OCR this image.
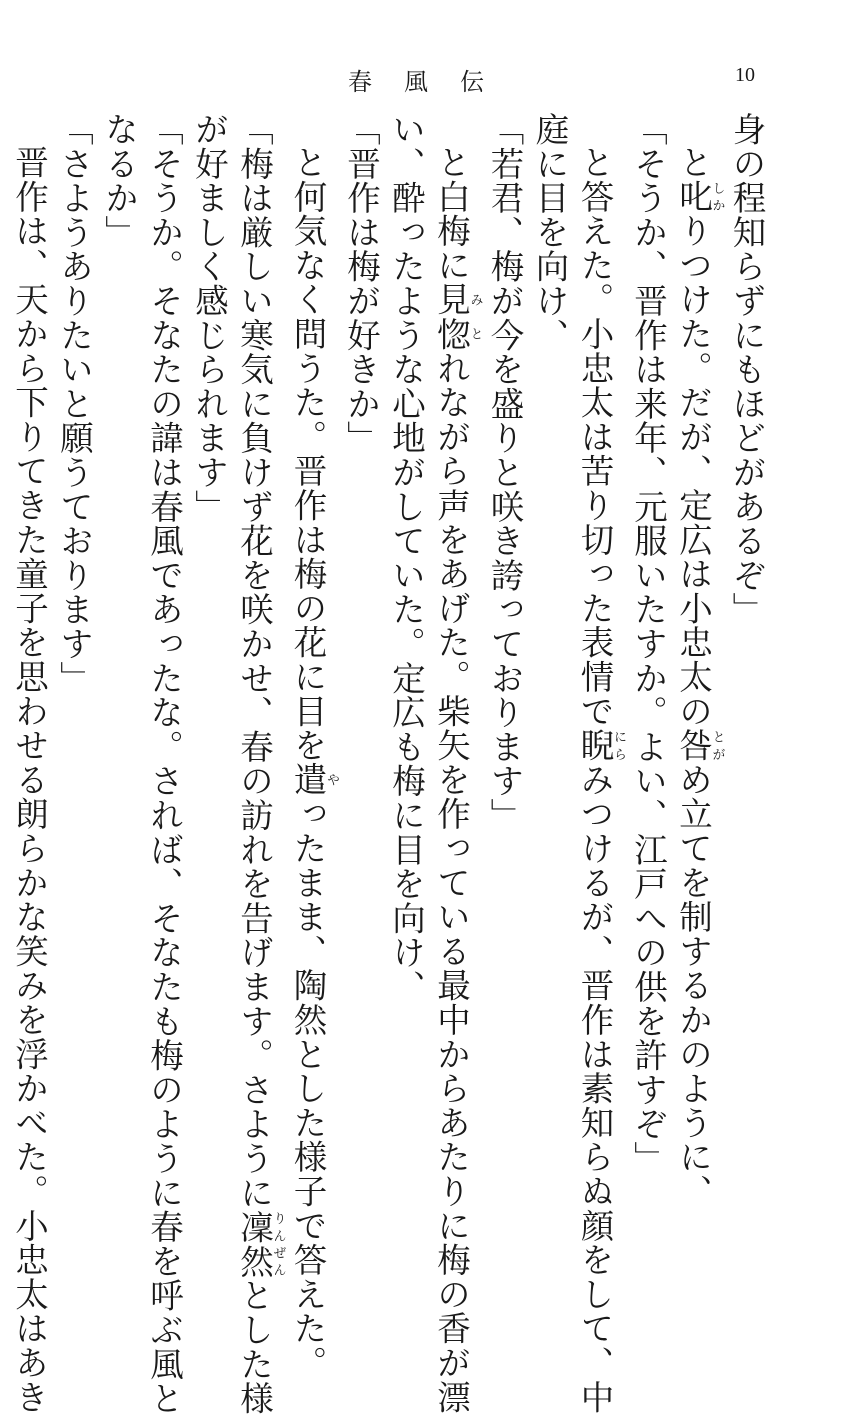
春風伝	10
身の程知らずにもほどがあるぞ」
と叱しかりつけた。だが、定広は小忠太の咎とがめ立てを制するかのように、
「そうか、晋作は来年、元服いたすか。よい、江戸への供を許すぞ」
と答えた。小忠太は苦り切った表情で睨にらみつけるが、晋作は素知らぬ顔をして、中
庭に目を向け、
「若君、梅が今を盛りと咲き誇っております」
と白梅に見み惚とれながら声をあげた。柴矢を作っている最中からあたりに梅の香が漂
い、酔ったような心地がしていた。定広も梅に目を向け、
「晋作は梅が好きか」
と何気なく問うた。晋作は梅の花に目を遣やったまま、陶然とした様子で答えた。
「梅は厳しい寒気に負けず花を咲かせ、春の訪れを告げます。さように凜然りんぜんとした様
が好ましく感じられます」
「そうか。そなたの諱は春風であったな。されば、そなたも梅のように春を呼ぶ風と
なるか」
「さようありたいと願うております」
晋作は、天から下りてきた童子を思わせる朗らかな笑みを浮かべた。小忠太はあき
